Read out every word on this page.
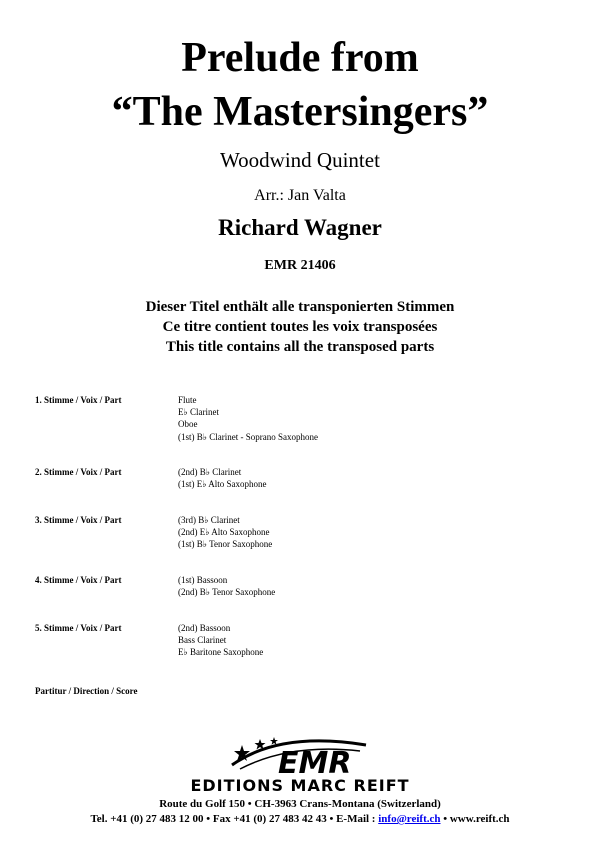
Prelude from
“The Mastersingers”
Woodwind Quintet
Arr.: Jan Valta
Richard Wagner
EMR 21406
Dieser Titel enthält alle transponierten Stimmen
Ce titre contient toutes les voix transposées
This title contains all the transposed parts
1. Stimme / Voix / Part	Flute
E♭ Clarinet
Oboe
(1st) B♭ Clarinet - Soprano Saxophone
2. Stimme / Voix / Part	(2nd) B♭ Clarinet
(1st) E♭ Alto Saxophone
3. Stimme / Voix / Part	(3rd) B♭ Clarinet
(2nd) E♭ Alto Saxophone
(1st) B♭ Tenor Saxophone
4. Stimme / Voix / Part	(1st) Bassoon
(2nd) B♭ Tenor Saxophone
5. Stimme / Voix / Part	(2nd) Bassoon
Bass Clarinet
E♭ Baritone Saxophone
Partitur / Direction / Score
EMR
EDITIONS MARC REIFT
Route du Golf 150 • CH-3963 Crans-Montana (Switzerland)
Tel. +41 (0) 27 483 12 00 • Fax +41 (0) 27 483 42 43 • E-Mail : info@reift.ch • www.reift.ch
